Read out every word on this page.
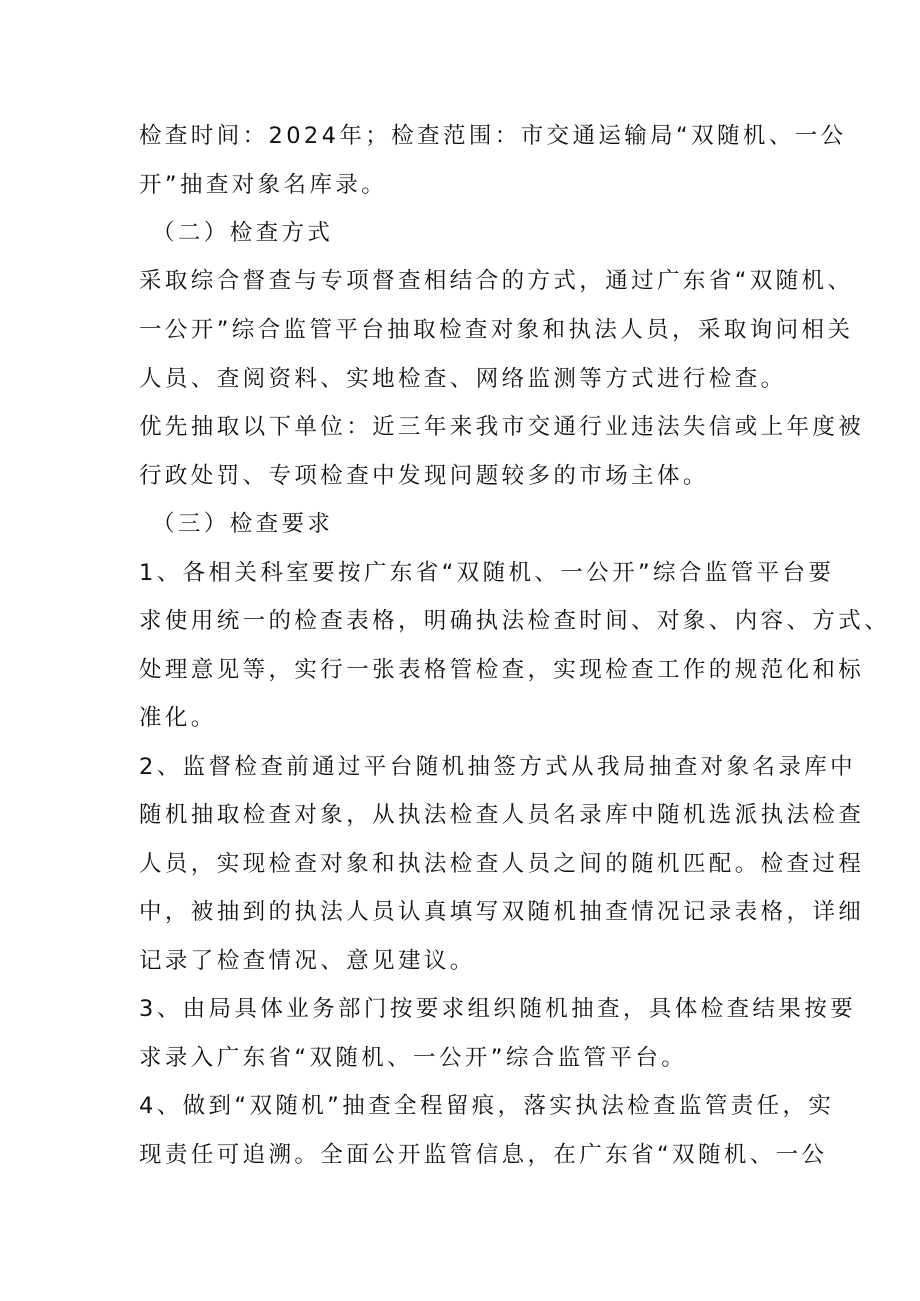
检查时间：2024年；检查范围：市交通运输局“双随机、一公
开”抽查对象名库录。
（二）检查方式
采取综合督查与专项督查相结合的方式，通过广东省“双随机、
一公开”综合监管平台抽取检查对象和执法人员，采取询问相关
人员、查阅资料、实地检查、网络监测等方式进行检查。
优先抽取以下单位：近三年来我市交通行业违法失信或上年度被
行政处罚、专项检查中发现问题较多的市场主体。
（三）检查要求
1、各相关科室要按广东省“双随机、一公开”综合监管平台要
求使用统一的检查表格，明确执法检查时间、对象、内容、方式、
处理意见等，实行一张表格管检查，实现检查工作的规范化和标
准化。
2、监督检查前通过平台随机抽签方式从我局抽查对象名录库中
随机抽取检查对象，从执法检查人员名录库中随机选派执法检查
人员，实现检查对象和执法检查人员之间的随机匹配。检查过程
中，被抽到的执法人员认真填写双随机抽查情况记录表格，详细
记录了检查情况、意见建议。
3、由局具体业务部门按要求组织随机抽查，具体检查结果按要
求录入广东省“双随机、一公开”综合监管平台。
4、做到“双随机”抽查全程留痕，落实执法检查监管责任，实
现责任可追溯。全面公开监管信息，在广东省“双随机、一公
